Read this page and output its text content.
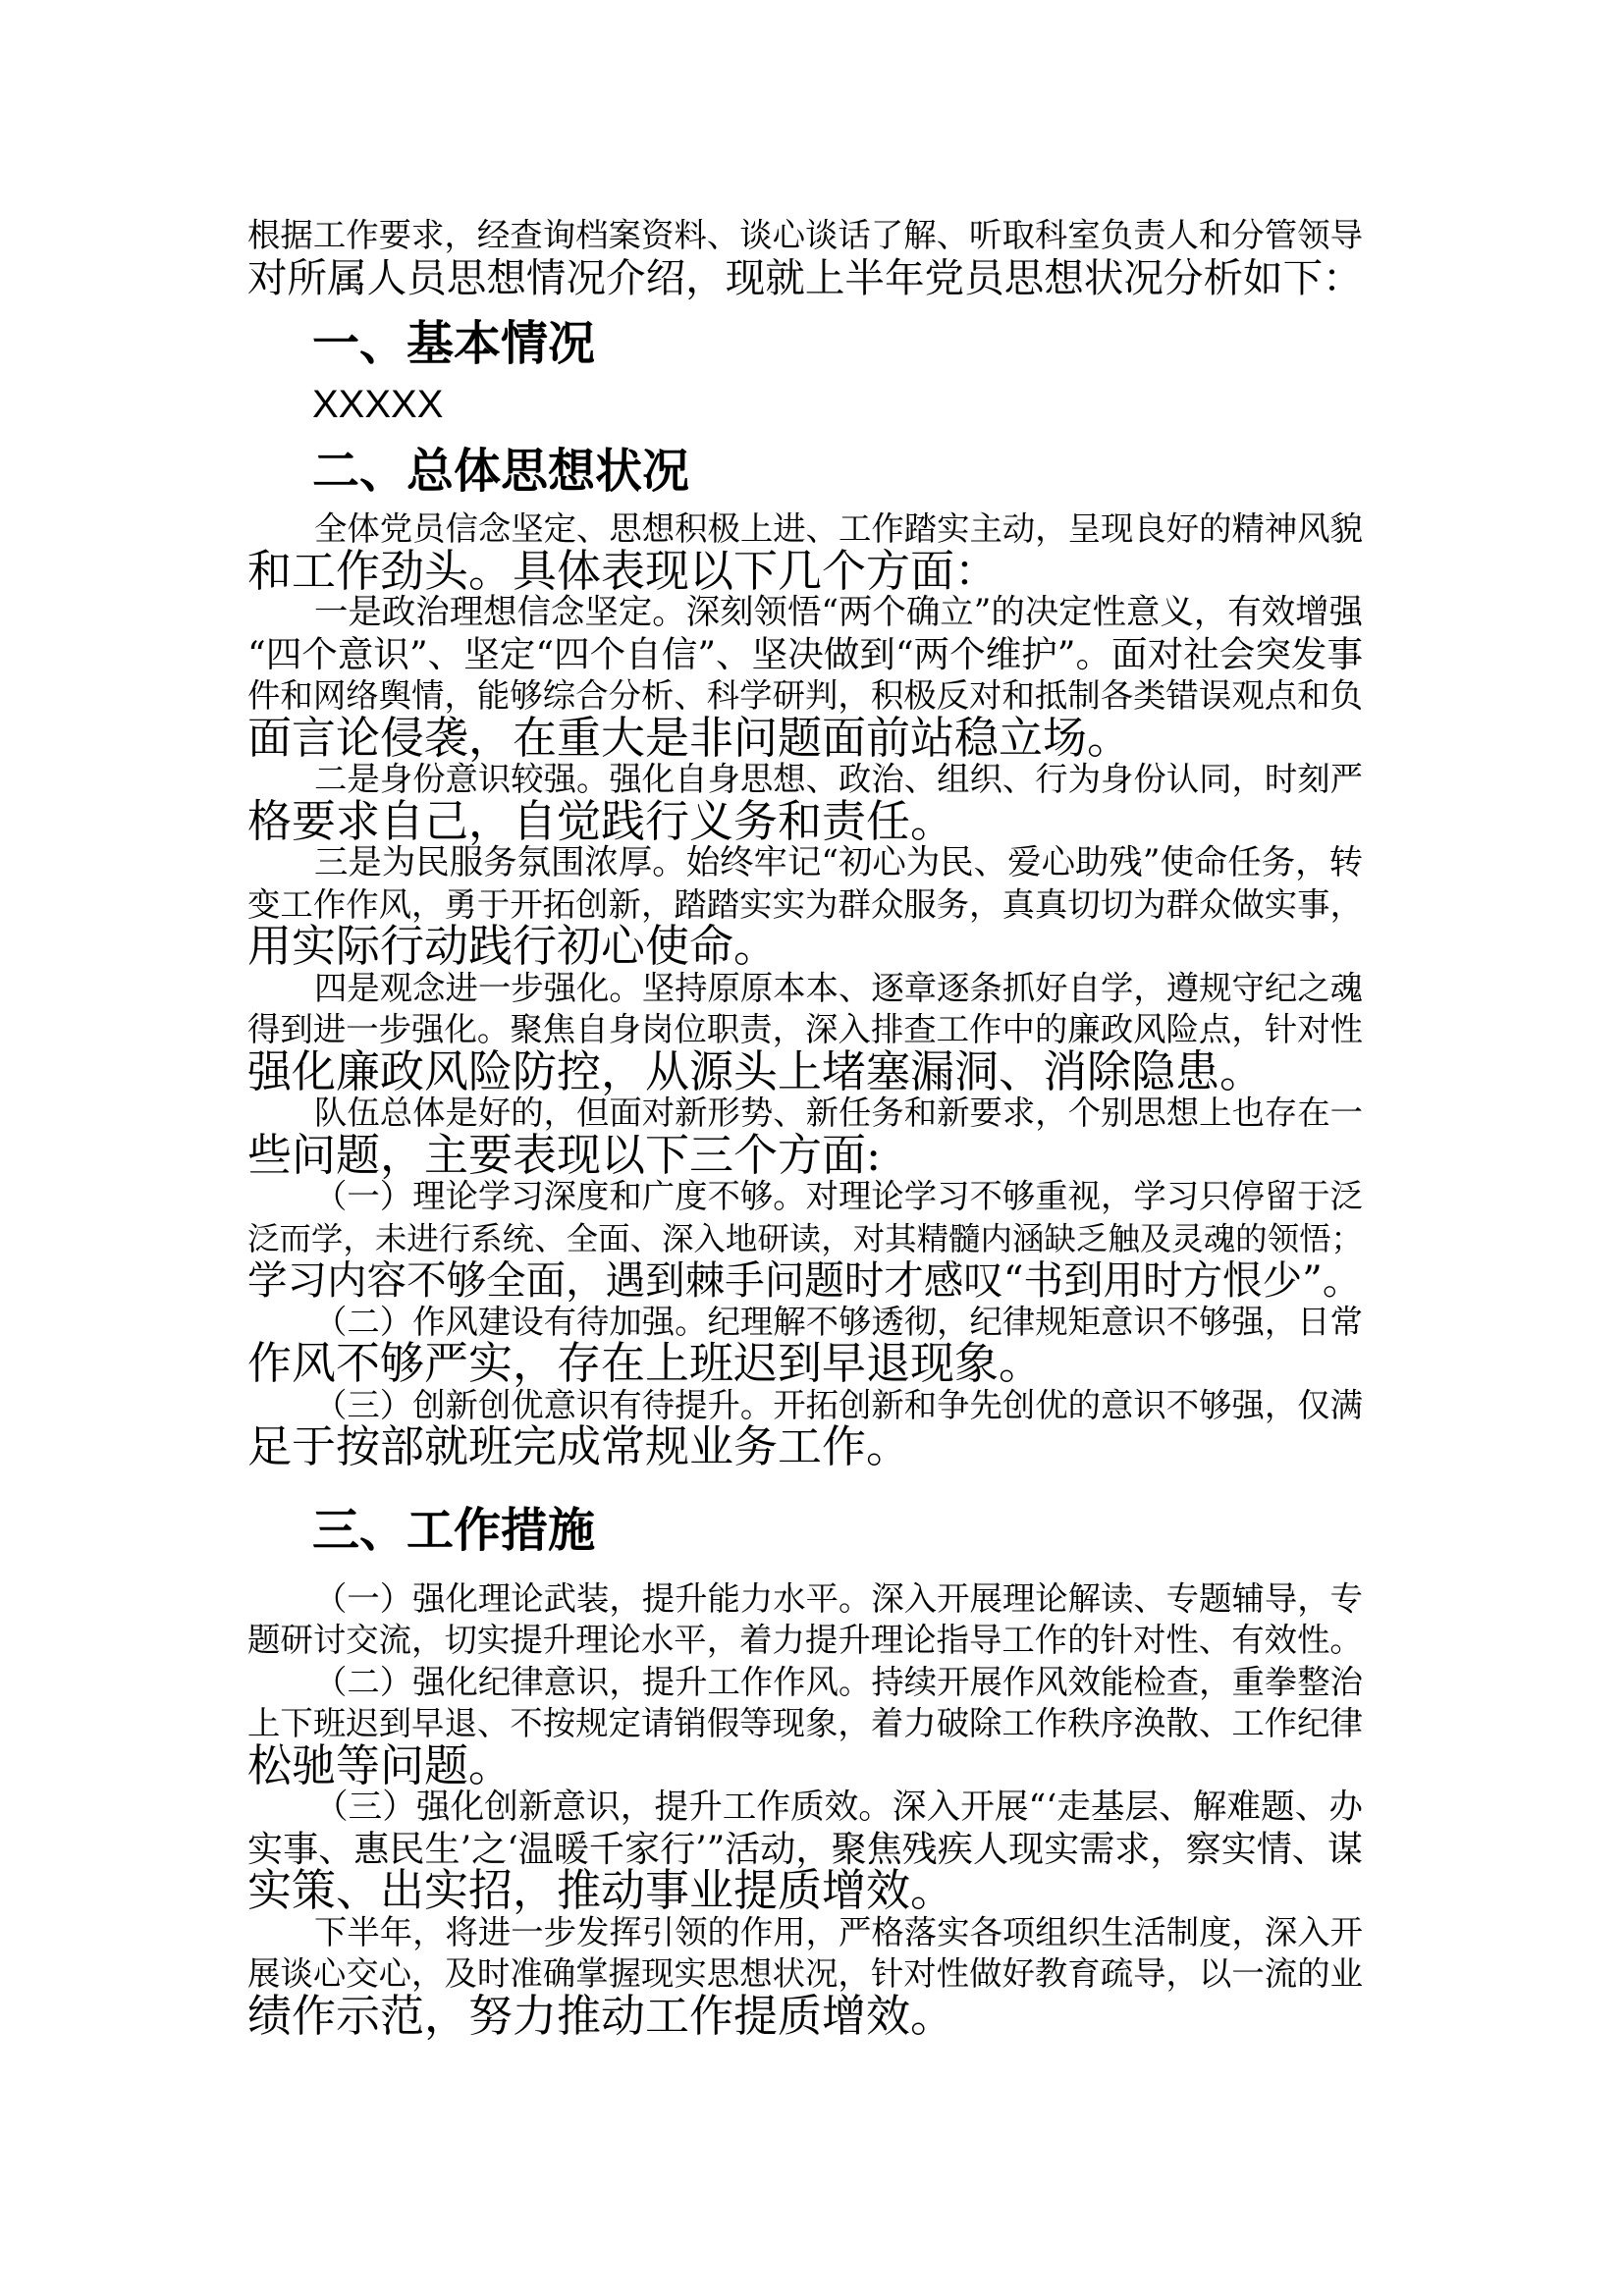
根据工作要求，经查询档案资料、谈心谈话了解、听取科室负责人和分管领导
对所属人员思想情况介绍，现就上半年党员思想状况分析如下：
一、基本情况
XXXXX
二、总体思想状况
全体党员信念坚定、思想积极上进、工作踏实主动，呈现良好的精神风貌
和工作劲头。具体表现以下几个方面：
一是政治理想信念坚定。深刻领悟“两个确立”的决定性意义，有效增强
“四个意识”、坚定“四个自信”、坚决做到“两个维护”。面对社会突发事
件和网络舆情，能够综合分析、科学研判，积极反对和抵制各类错误观点和负
面言论侵袭，在重大是非问题面前站稳立场。
二是身份意识较强。强化自身思想、政治、组织、行为身份认同，时刻严
格要求自己，自觉践行义务和责任。
三是为民服务氛围浓厚。始终牢记“初心为民、爱心助残”使命任务，转
变工作作风，勇于开拓创新，踏踏实实为群众服务，真真切切为群众做实事，
用实际行动践行初心使命。
四是观念进一步强化。坚持原原本本、逐章逐条抓好自学，遵规守纪之魂
得到进一步强化。聚焦自身岗位职责，深入排查工作中的廉政风险点，针对性
强化廉政风险防控，从源头上堵塞漏洞、消除隐患。
队伍总体是好的，但面对新形势、新任务和新要求，个别思想上也存在一
些问题，主要表现以下三个方面:
（一）理论学习深度和广度不够。对理论学习不够重视，学习只停留于泛
泛而学，未进行系统、全面、深入地研读，对其精髓内涵缺乏触及灵魂的领悟；
学习内容不够全面，遇到棘手问题时才感叹“书到用时方恨少”。
（二）作风建设有待加强。纪理解不够透彻，纪律规矩意识不够强，日常
作风不够严实，存在上班迟到早退现象。
（三）创新创优意识有待提升。开拓创新和争先创优的意识不够强，仅满
足于按部就班完成常规业务工作。
三、工作措施
（一）强化理论武装，提升能力水平。深入开展理论解读、专题辅导，专
题研讨交流，切实提升理论水平，着力提升理论指导工作的针对性、有效性。
（二）强化纪律意识，提升工作作风。持续开展作风效能检查，重拳整治
上下班迟到早退、不按规定请销假等现象，着力破除工作秩序涣散、工作纪律
松驰等问题。
（三）强化创新意识，提升工作质效。深入开展“‘走基层、解难题、办
实事、惠民生’之‘温暖千家行’”活动，聚焦残疾人现实需求，察实情、谋
实策、出实招，推动事业提质增效。
下半年，将进一步发挥引领的作用，严格落实各项组织生活制度，深入开
展谈心交心，及时准确掌握现实思想状况，针对性做好教育疏导，以一流的业
绩作示范，努力推动工作提质增效。
